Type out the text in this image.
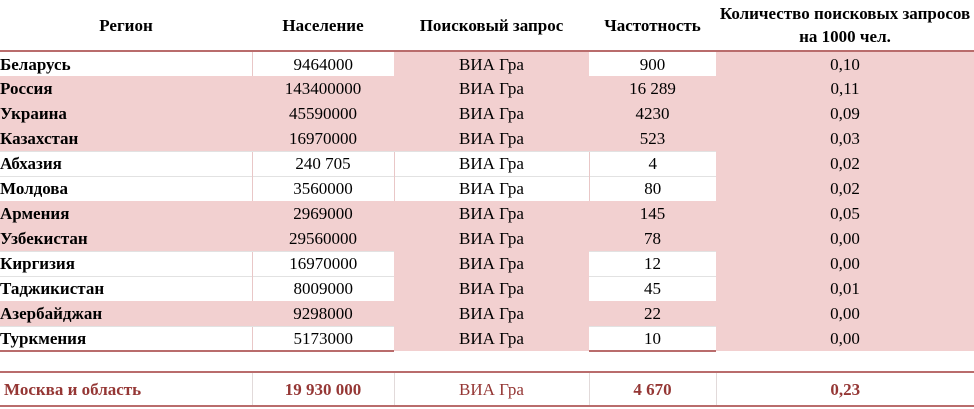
Регион	Население	Поисковый запрос	Частотность	Количество поисковых запросов на 1000 чел.
Беларусь	9464000	ВИА Гра	900	0,10
Россия	143400000	ВИА Гра	16 289	0,11
Украина	45590000	ВИА Гра	4230	0,09
Казахстан	16970000	ВИА Гра	523	0,03
Абхазия	240 705	ВИА Гра	4	0,02
Молдова	3560000	ВИА Гра	80	0,02
Армения	2969000	ВИА Гра	145	0,05
Узбекистан	29560000	ВИА Гра	78	0,00
Киргизия	16970000	ВИА Гра	12	0,00
Таджикистан	8009000	ВИА Гра	45	0,01
Азербайджан	9298000	ВИА Гра	22	0,00
Туркмения	5173000	ВИА Гра	10	0,00

Москва и область	19 930 000	ВИА Гра	4 670	0,23
